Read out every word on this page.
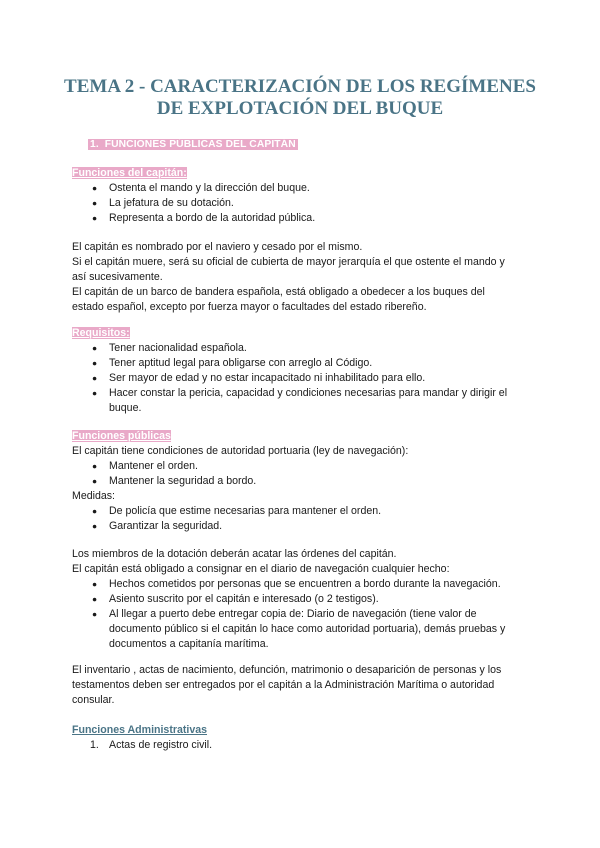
TEMA 2 - CARACTERIZACIÓN DE LOS REGÍMENES
DE EXPLOTACIÓN DEL BUQUE
1. FUNCIONES PÚBLICAS DEL CAPITÁN

Funciones del capitán:

● Ostenta el mando y la dirección del buque.
● La jefatura de su dotación.
● Representa a bordo de la autoridad pública.

El capitán es nombrado por el naviero y cesado por el mismo.

Si el capitán muere, será su oficial de cubierta de mayor jerarquía el que ostente el mando y

así sucesivamente.

El capitán de un barco de bandera española, está obligado a obedecer a los buques del

estado español, excepto por fuerza mayor o facultades del estado ribereño.

Requisitos:

● Tener nacionalidad española.
● Tener aptitud legal para obligarse con arreglo al Código.
● Ser mayor de edad y no estar incapacitado ni inhabilitado para ello.
● Hacer constar la pericia, capacidad y condiciones necesarias para mandar y dirigir el buque.

Funciones públicas

El capitán tiene condiciones de autoridad portuaria (ley de navegación):

● Mantener el orden.
● Mantener la seguridad a bordo.

Medidas:

● De policía que estime necesarias para mantener el orden.
● Garantizar la seguridad.

Los miembros de la dotación deberán acatar las órdenes del capitán.

El capitán está obligado a consignar en el diario de navegación cualquier hecho:

● Hechos cometidos por personas que se encuentren a bordo durante la navegación.
● Asiento suscrito por el capitán e interesado (o 2 testigos).
● Al llegar a puerto debe entregar copia de: Diario de navegación (tiene valor de documento público si el capitán lo hace como autoridad portuaria), demás pruebas y documentos a capitanía marítima.

El inventario , actas de nacimiento, defunción, matrimonio o desaparición de personas y los testamentos deben ser entregados por el capitán a la Administración Marítima o autoridad consular.

Funciones Administrativas

1. Actas de registro civil.
